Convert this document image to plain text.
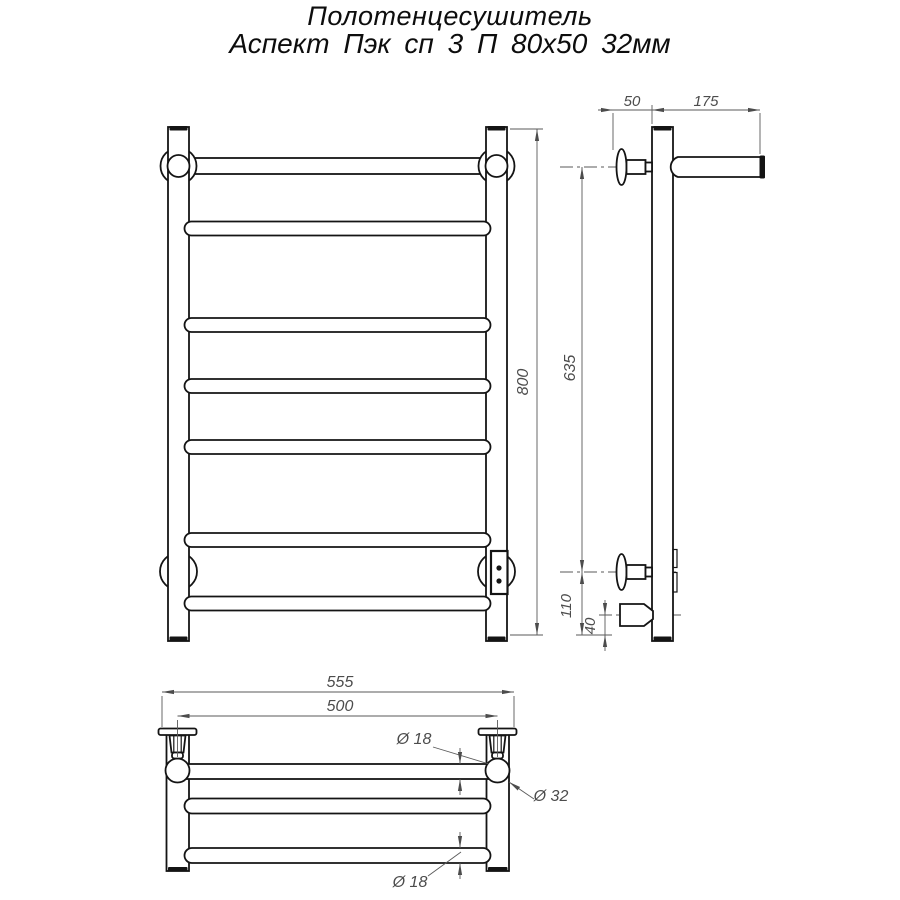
Полотенцесушитель
Аспект Пэк сп 3 П 80х50 32мм
800
50	175
635
110
40
555
500
Ø 18
Ø 32
Ø 18
